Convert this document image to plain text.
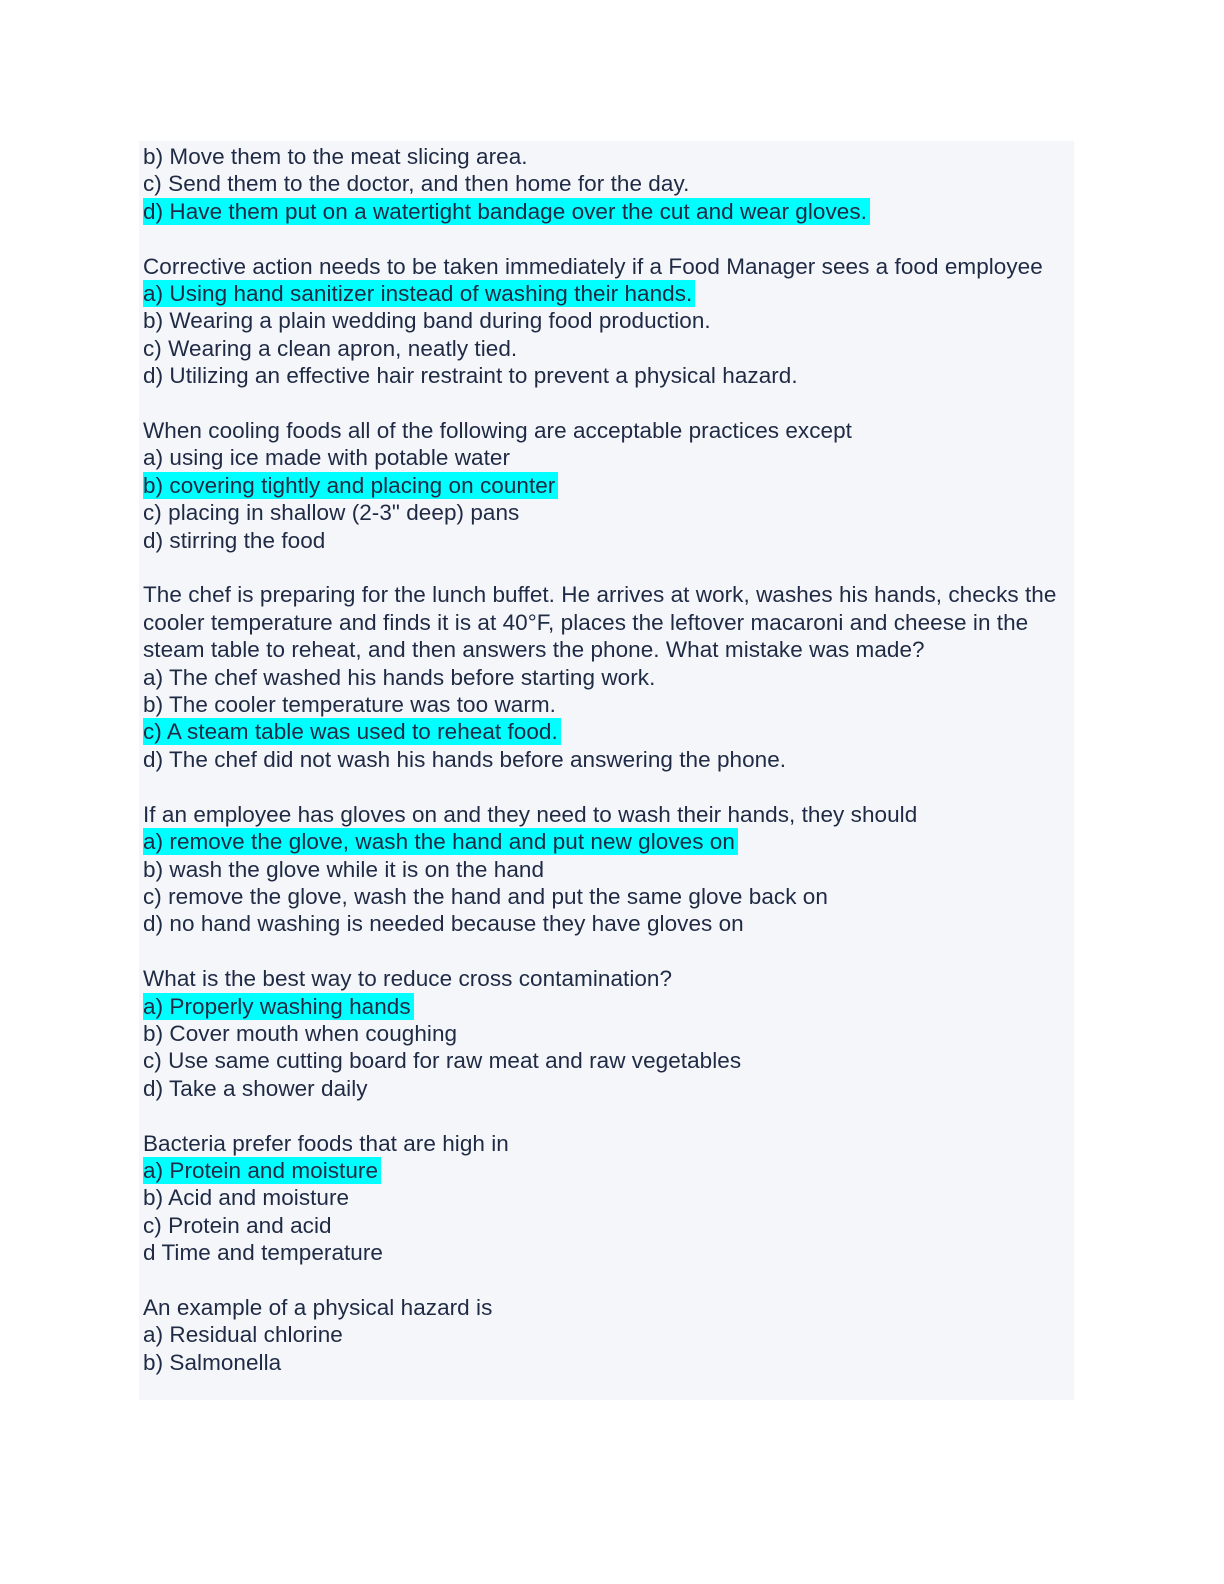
b) Move them to the meat slicing area.
c) Send them to the doctor, and then home for the day.
d) Have them put on a watertight bandage over the cut and wear gloves.
Corrective action needs to be taken immediately if a Food Manager sees a food employee
a) Using hand sanitizer instead of washing their hands.
b) Wearing a plain wedding band during food production.
c) Wearing a clean apron, neatly tied.
d) Utilizing an effective hair restraint to prevent a physical hazard.
When cooling foods all of the following are acceptable practices except
a) using ice made with potable water
b) covering tightly and placing on counter
c) placing in shallow (2-3" deep) pans
d) stirring the food
The chef is preparing for the lunch buffet. He arrives at work, washes his hands, checks the cooler temperature and finds it is at 40°F, places the leftover macaroni and cheese in the steam table to reheat, and then answers the phone. What mistake was made?
a) The chef washed his hands before starting work.
b) The cooler temperature was too warm.
c) A steam table was used to reheat food.
d) The chef did not wash his hands before answering the phone.
If an employee has gloves on and they need to wash their hands, they should
a) remove the glove, wash the hand and put new gloves on
b) wash the glove while it is on the hand
c) remove the glove, wash the hand and put the same glove back on
d) no hand washing is needed because they have gloves on
What is the best way to reduce cross contamination?
a) Properly washing hands
b) Cover mouth when coughing
c) Use same cutting board for raw meat and raw vegetables
d) Take a shower daily
Bacteria prefer foods that are high in
a) Protein and moisture
b) Acid and moisture
c) Protein and acid
d Time and temperature
An example of a physical hazard is
a) Residual chlorine
b) Salmonella
